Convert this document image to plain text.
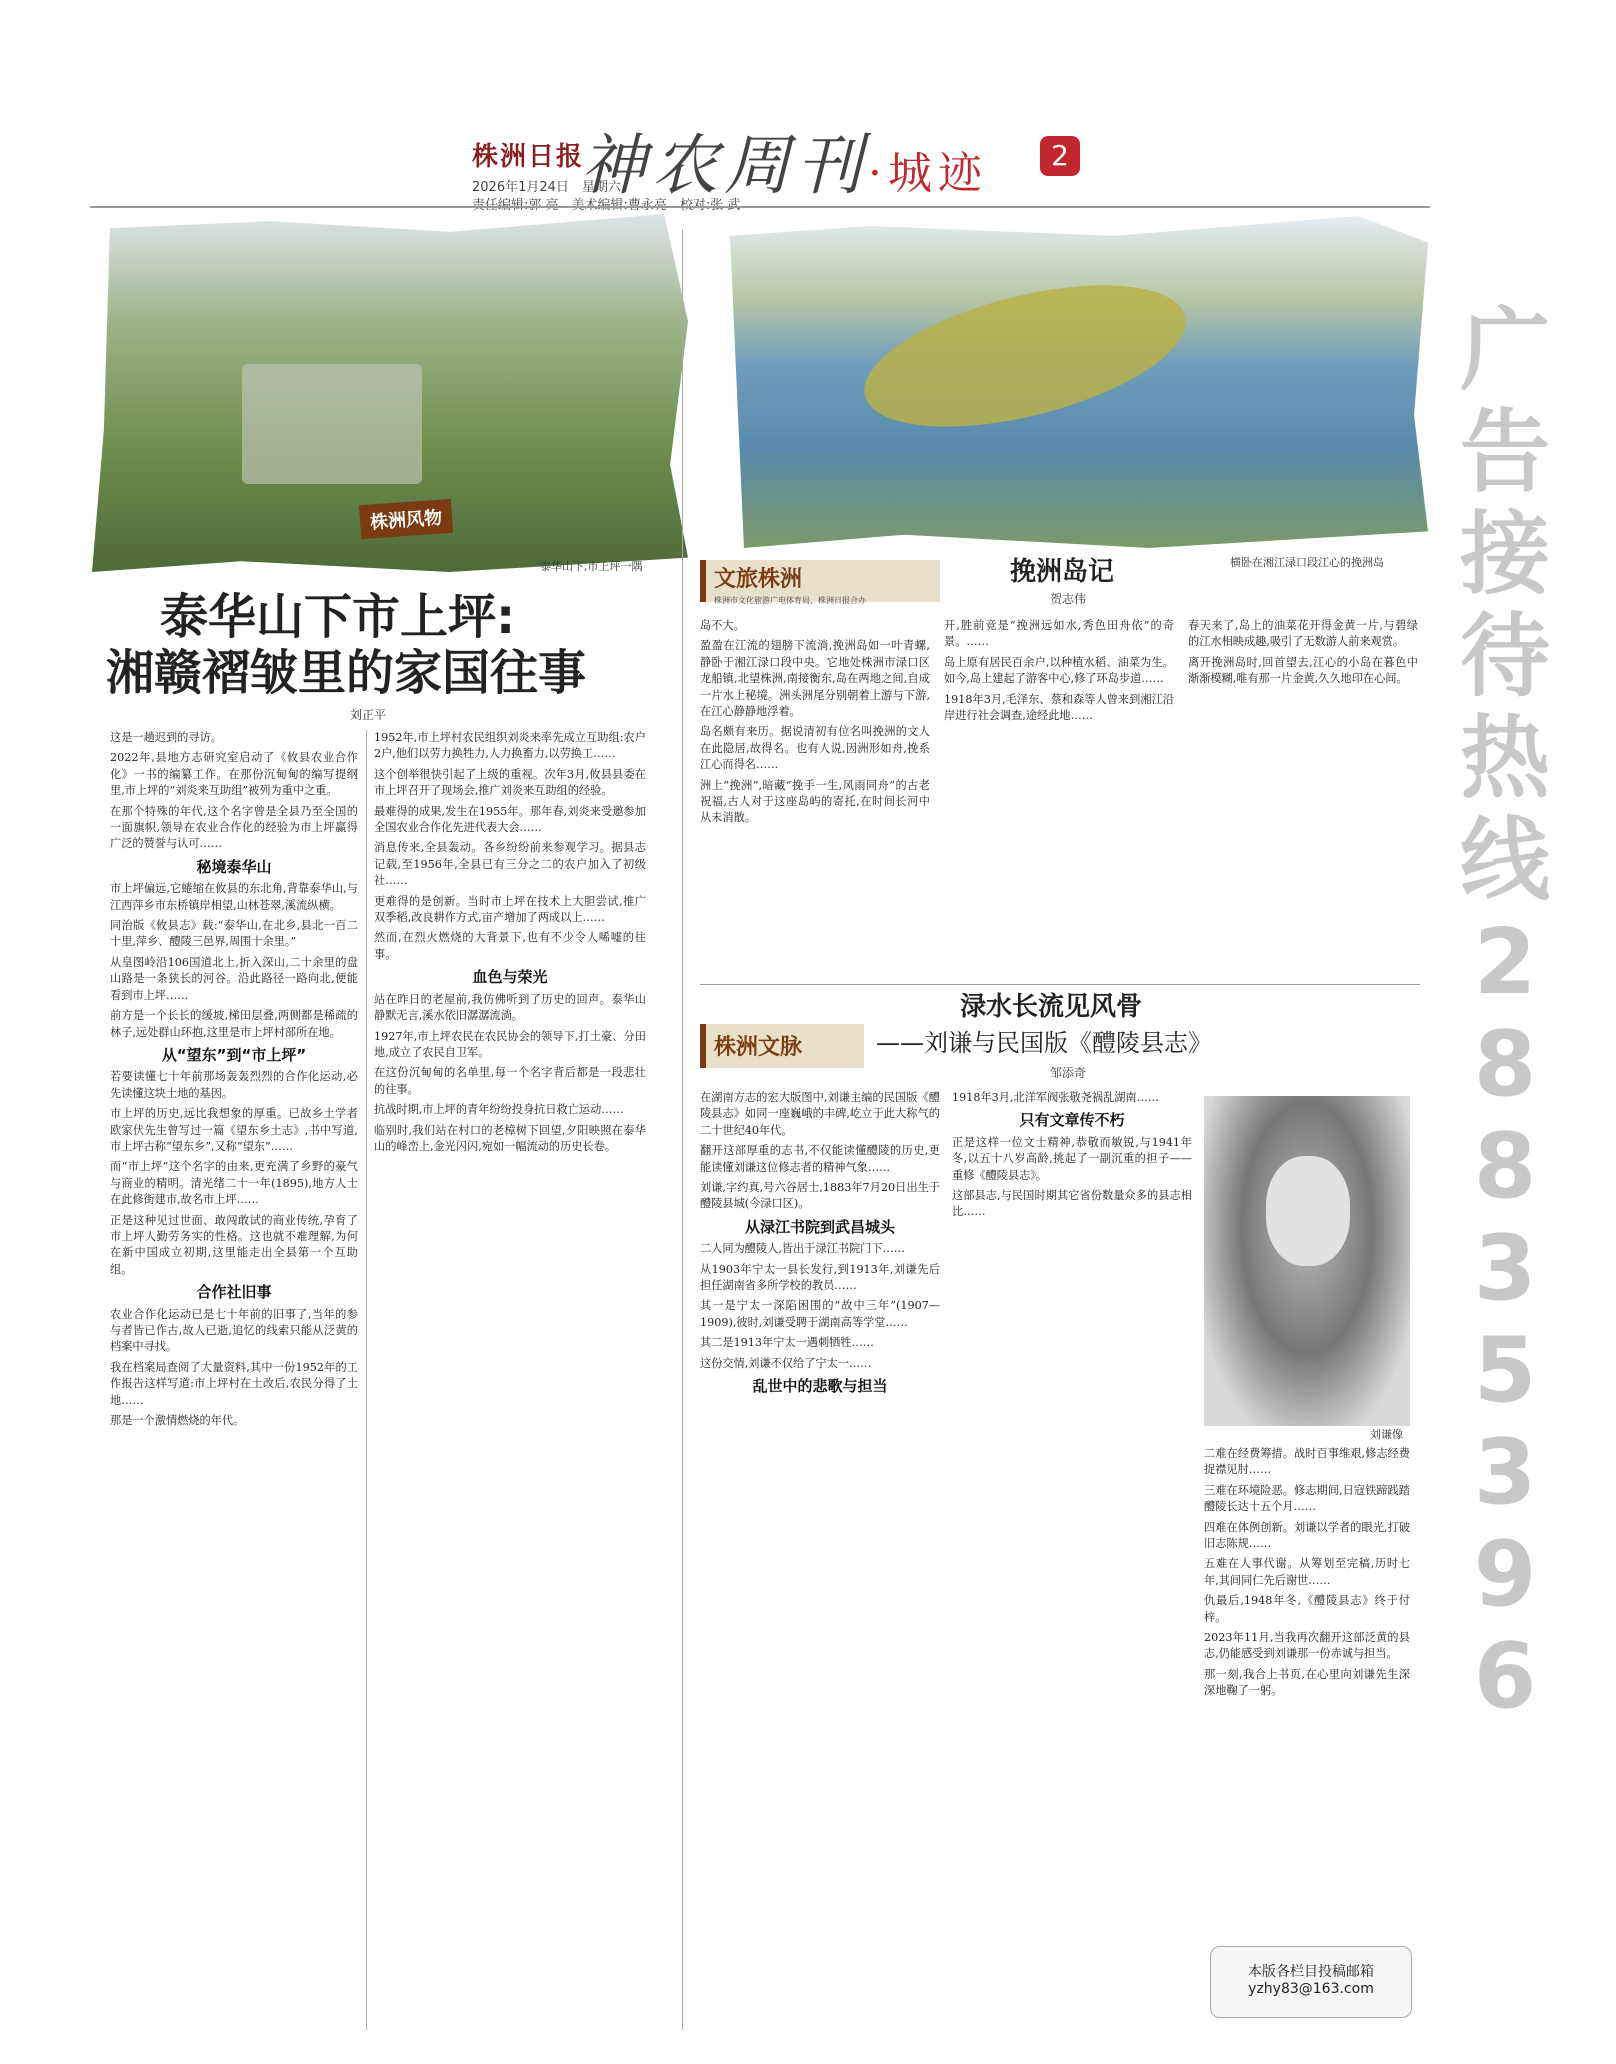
株洲日报
神农周刊·城迹	2
2026年1月24日　星期六
广
告
接
待
热
线
2
8
8
3
5
3
9
6
株洲风物
泰华山下,市上坪一隅
泰华山下市上坪:
湘赣褶皱里的家国往事
刘正平

这是一趟迟到的寻访。

2022年,县地方志研究室启动了《攸县农业合作化》一书的编纂工作。在那份沉甸甸的编写提纲里,市上坪的“刘炎来互助组”被列为重中之重。

在那个特殊的年代,这个名字曾是全县乃至全国的一面旗帜,领导在农业合作化的经验为市上坪赢得广泛的赞誉与认可……

秘境泰华山

市上坪偏远,它蜷缩在攸县的东北角,背靠泰华山,与江西萍乡市东桥镇岸相望,山林苍翠,溪流纵横。

同治版《攸县志》载:“泰华山,在北乡,县北一百二十里,萍乡、醴陵三邑界,周围十余里。”

从皇图岭沿106国道北上,折入深山,二十余里的盘山路是一条狭长的河谷。沿此路径一路向北,便能看到市上坪……

前方是一个长长的缓坡,梯田层叠,两侧都是稀疏的林子,远处群山环抱,这里是市上坪村部所在地。

从“望东”到“市上坪”

若要读懂七十年前那场轰轰烈烈的合作化运动,必先读懂这块土地的基因。

市上坪的历史,远比我想象的厚重。已故乡土学者欧家伏先生曾写过一篇《望东乡土志》,书中写道,市上坪古称“望东乡”,又称“望东”……

而“市上坪”这个名字的由来,更充满了乡野的豪气与商业的精明。清光绪二十一年(1895),地方人士在此修街建市,故名市上坪……

正是这种见过世面、敢闯敢试的商业传统,孕育了市上坪人勤劳务实的性格。这也就不难理解,为何在新中国成立初期,这里能走出全县第一个互助组。

合作社旧事

农业合作化运动已是七十年前的旧事了,当年的参与者皆已作古,故人已逝,追忆的线索只能从泛黄的档案中寻找。

我在档案局查阅了大量资料,其中一份1952年的工作报告这样写道:市上坪村在土改后,农民分得了土地……

那是一个激情燃烧的年代。

1952年,市上坪村农民组织刘炎来率先成立互助组:农户2户,他们以劳力换牲力,人力换畜力,以劳换工……

这个创举很快引起了上级的重视。次年3月,攸县县委在市上坪召开了现场会,推广刘炎来互助组的经验。

最难得的成果,发生在1955年。那年春,刘炎来受邀参加全国农业合作化先进代表大会……

消息传来,全县轰动。各乡纷纷前来参观学习。据县志记载,至1956年,全县已有三分之二的农户加入了初级社……

更难得的是创新。当时市上坪在技术上大胆尝试,推广双季稻,改良耕作方式,亩产增加了两成以上……

然而,在烈火燃烧的大背景下,也有不少令人唏嘘的往事。

血色与荣光

站在昨日的老屋前,我仿佛听到了历史的回声。泰华山静默无言,溪水依旧潺潺流淌。

1927年,市上坪农民在农民协会的领导下,打土豪、分田地,成立了农民自卫军。

在这份沉甸甸的名单里,每一个名字背后都是一段悲壮的往事。

抗战时期,市上坪的青年纷纷投身抗日救亡运动……

临别时,我们站在村口的老樟树下回望,夕阳映照在泰华山的峰峦上,金光闪闪,宛如一幅流动的历史长卷。

横卧在湘江渌口段江心的挽洲岛
文旅株洲
株洲市文化旅游广电体育局、株洲日报合办
挽洲岛记
贺志伟

岛不大。

盈盈在江流的翅膀下流淌,挽洲岛如一叶青螺,静卧于湘江渌口段中央。它地处株洲市渌口区龙船镇,北望株洲,南接衡东,岛在两地之间,自成一片水上秘境。洲头洲尾分别朝着上游与下游,在江心静静地浮着。

岛名颇有来历。据说清初有位名叫挽洲的文人在此隐居,故得名。也有人说,因洲形如舟,挽系江心而得名……

洲上“挽洲”,暗藏“挽手一生,风雨同舟”的古老祝福,古人对于这座岛屿的寄托,在时间长河中从未消散。

开,胜前竞是“挽洲远如水,秀色田舟依”的奇景。……

岛上原有居民百余户,以种植水稻、油菜为生。如今,岛上建起了游客中心,修了环岛步道……

1918年3月,毛泽东、蔡和森等人曾来到湘江沿岸进行社会调查,途经此地……

春天来了,岛上的油菜花开得金黄一片,与碧绿的江水相映成趣,吸引了无数游人前来观赏。

离开挽洲岛时,回首望去,江心的小岛在暮色中渐渐模糊,唯有那一片金黄,久久地印在心间。

株洲文脉
渌水长流见风骨
——刘谦与民国版《醴陵县志》
邹添奇

在湖南方志的宏大版图中,刘谦主编的民国版《醴陵县志》如同一座巍峨的丰碑,屹立于此大称气的二十世纪40年代。

翻开这部厚重的志书,不仅能读懂醴陵的历史,更能读懂刘谦这位修志者的精神气象……

刘谦,字约真,号六谷居士,1883年7月20日出生于醴陵县城(今渌口区)。

从渌江书院到武昌城头

二人同为醴陵人,皆出于渌江书院门下……

从1903年宁太一县长发行,到1913年,刘谦先后担任湖南省多所学校的教员……

其一是宁太一深陷困围的“故中三年”(1907—1909),彼时,刘谦受聘于湖南高等学堂……

其二是1913年宁太一遇刺牺牲……

这份交情,刘谦不仅给了宁太一……

乱世中的悲歌与担当

1918年3月,北洋军阀张敬尧祸乱湖南……

只有文章传不朽

正是这样一位文士精神,恭敬而敏锐,与1941年冬,以五十八岁高龄,挑起了一副沉重的担子——重修《醴陵县志》。

这部县志,与民国时期其它省份数量众多的县志相比……

刘谦像

二难在经费筹措。战时百事维艰,修志经费捉襟见肘……

三难在环境险恶。修志期间,日寇铁蹄践踏醴陵长达十五个月……

四难在体例创新。刘谦以学者的眼光,打破旧志陈规……

五难在人事代谢。从筹划至完稿,历时七年,其间同仁先后谢世……

仇最后,1948年冬,《醴陵县志》终于付梓。

2023年11月,当我再次翻开这部泛黄的县志,仍能感受到刘谦那一份赤诚与担当。

那一刻,我合上书页,在心里向刘谦先生深深地鞠了一躬。

本版各栏目投稿邮箱
yzhy83@163.com
